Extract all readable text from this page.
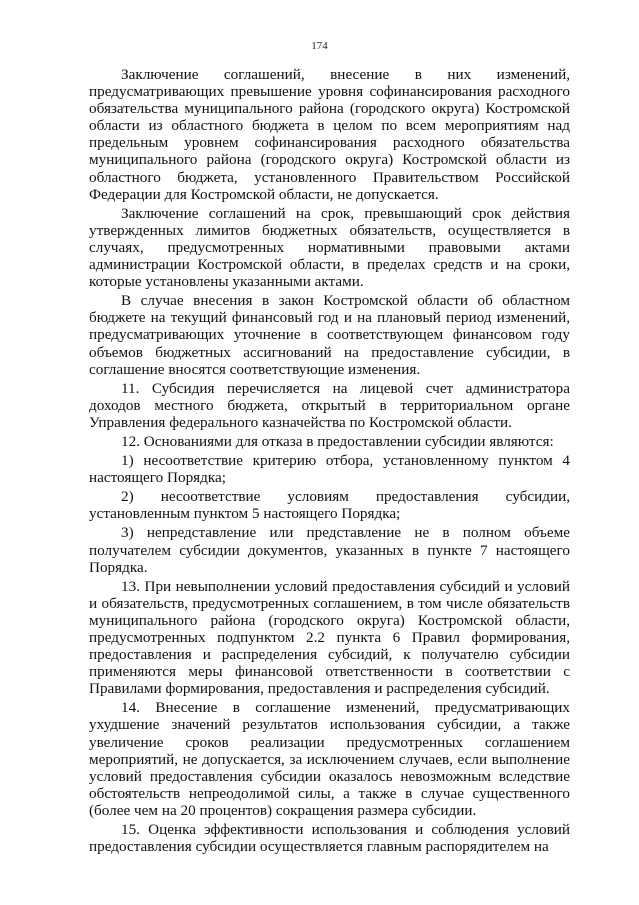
174

Заключение соглашений, внесение в них изменений, предусматривающих превышение уровня софинансирования расходного обязательства муниципального района (городского округа) Костромской области из областного бюджета в целом по всем мероприятиям над предельным уровнем софинансирования расходного обязательства муниципального района (городского округа) Костромской области из областного бюджета, установленного Правительством Российской Федерации для Костромской области, не допускается.

Заключение соглашений на срок, превышающий срок действия утвержденных лимитов бюджетных обязательств, осуществляется в случаях, предусмотренных нормативными правовыми актами администрации Костромской области, в пределах средств и на сроки, которые установлены указанными актами.

В случае внесения в закон Костромской области об областном бюджете на текущий финансовый год и на плановый период изменений, предусматривающих уточнение в соответствующем финансовом году объемов бюджетных ассигнований на предоставление субсидии, в соглашение вносятся соответствующие изменения.

11. Субсидия перечисляется на лицевой счет администратора доходов местного бюджета, открытый в территориальном органе Управления федерального казначейства по Костромской области.

12. Основаниями для отказа в предоставлении субсидии являются:

1) несоответствие критерию отбора, установленному пунктом 4 настоящего Порядка;

2) несоответствие условиям предоставления субсидии, установленным пунктом 5 настоящего Порядка;

3) непредставление или представление не в полном объеме получателем субсидии документов, указанных в пункте 7 настоящего Порядка.

13. При невыполнении условий предоставления субсидий и условий и обязательств, предусмотренных соглашением, в том числе обязательств муниципального района (городского округа) Костромской области, предусмотренных подпунктом 2.2 пункта 6 Правил формирования, предоставления и распределения субсидий, к получателю субсидии применяются меры финансовой ответственности в соответствии с Правилами формирования, предоставления и распределения субсидий.

14. Внесение в соглашение изменений, предусматривающих ухудшение значений результатов использования субсидии, а также увеличение сроков реализации предусмотренных соглашением мероприятий, не допускается, за исключением случаев, если выполнение условий предоставления субсидии оказалось невозможным вследствие обстоятельств непреодолимой силы, а также в случае существенного (более чем на 20 процентов) сокращения размера субсидии.

15. Оценка эффективности использования и соблюдения условий предоставления субсидии осуществляется главным распорядителем на
